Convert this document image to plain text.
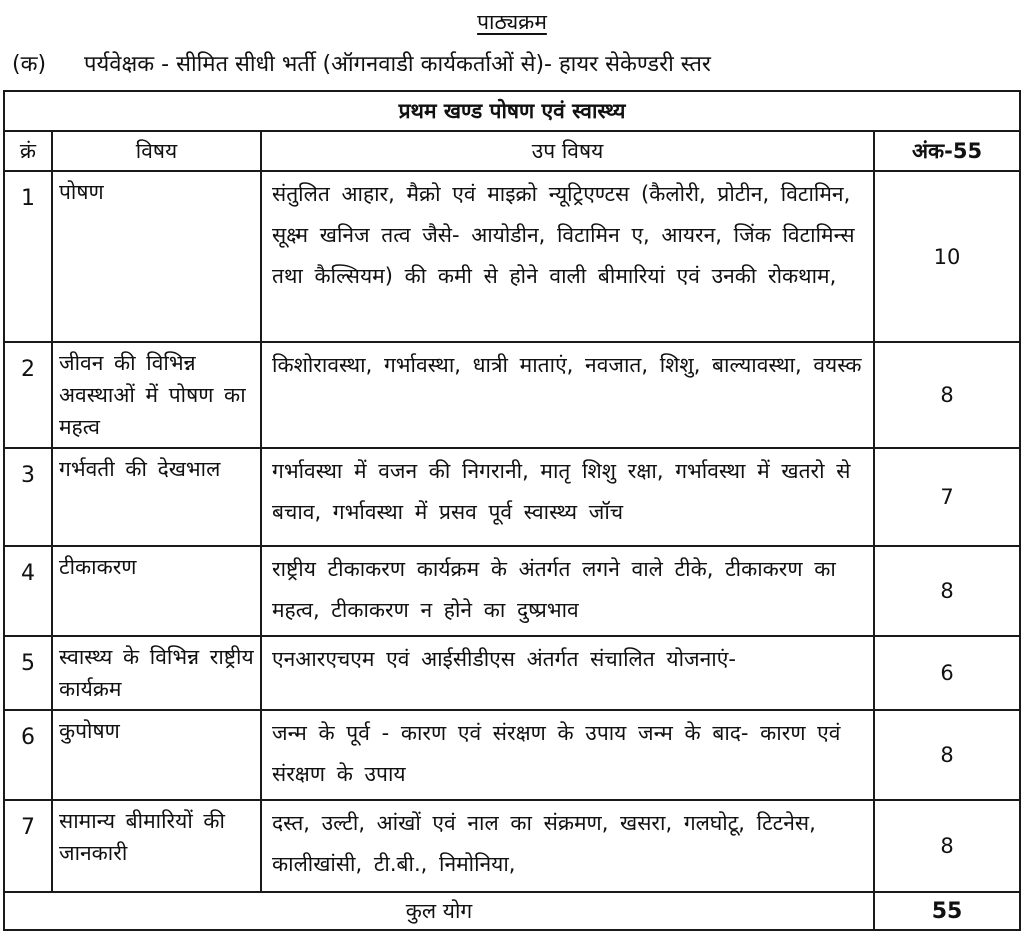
पाठ्यक्रम
(क) पर्यवेक्षक - सीमित सीधी भर्ती (ऑगनवाडी कार्यकर्ताओं से)- हायर सेकेण्डरी स्तर
प्रथम खण्ड पोषण एवं स्वास्थ्य			
क्रं	विषय	उप विषय	अंक-55
1	पोषण	संतुलित आहार, मैक्रो एवं माइक्रो न्यूट्रिएण्टस (कैलोरी, प्रोटीन, विटामिन, सूक्ष्म खनिज तत्व जैसे- आयोडीन, विटामिन ए, आयरन, जिंक विटामिन्स तथा कैल्सियम) की कमी से होने वाली बीमारियां एवं उनकी रोकथाम,	10
2	जीवन की विभिन्न अवस्थाओं में पोषण का महत्व	किशोरावस्था, गर्भावस्था, धात्री माताएं, नवजात, शिशु, बाल्यावस्था, वयस्क	8
3	गर्भवती की देखभाल	गर्भावस्था में वजन की निगरानी, मातृ शिशु रक्षा, गर्भावस्था में खतरो से बचाव, गर्भावस्था में प्रसव पूर्व स्वास्थ्य जॉच	7
4	टीकाकरण	राष्ट्रीय टीकाकरण कार्यक्रम के अंतर्गत लगने वाले टीके, टीकाकरण का महत्व, टीकाकरण न होने का दुष्प्रभाव	8
5	स्वास्थ्य के विभिन्न राष्ट्रीय कार्यक्रम	एनआरएचएम एवं आईसीडीएस अंतर्गत संचालित योजनाएं-	6
6	कुपोषण	जन्म के पूर्व - कारण एवं संरक्षण के उपाय जन्म के बाद- कारण एवं संरक्षण के उपाय	8
7	सामान्य बीमारियों की जानकारी	दस्त, उल्टी, आंखों एवं नाल का संक्रमण, खसरा, गलघोटू, टिटनेस, कालीखांसी, टी.बी., निमोनिया,	8
कुल योग			55
